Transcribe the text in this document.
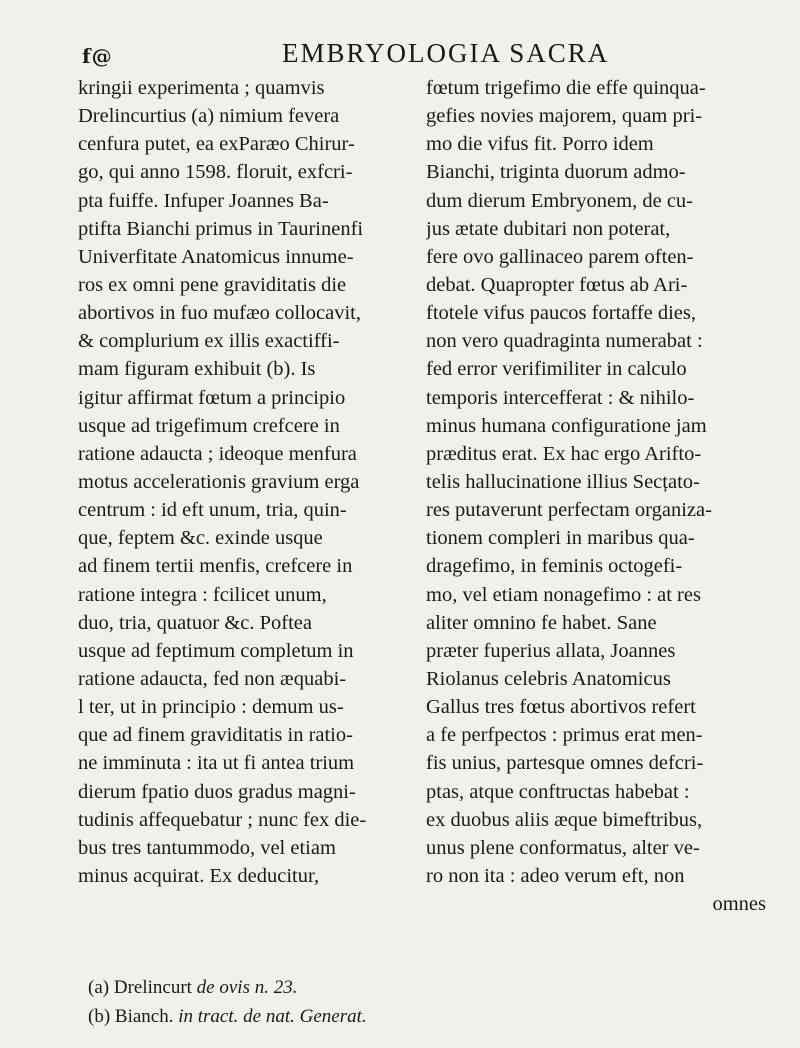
f@	EMBRYOLOGIA SACRA
kringii experimenta ; quamvis
Drelincurtius (a) nimium fevera
cenfura putet, ea exParæo Chirur-
go, qui anno 1598. floruit, exfcri-
pta fuiffe. Infuper Joannes Ba-
ptifta Bianchi primus in Taurinenfi
Univerfitate Anatomicus innume-
ros ex omni pene graviditatis die
abortivos in fuo mufæo collocavit,
& complurium ex illis exactiffi-
mam figuram exhibuit (b). Is
igitur affirmat fœtum a principio
usque ad trigefimum crefcere in
ratione adaucta ; ideoque menfura
motus accelerationis gravium erga
centrum : id eft unum, tria, quin-
que, feptem &c. exinde usque
ad finem tertii menfis, crefcere in
ratione integra : fcilicet unum,
duo, tria, quatuor &c. Poftea
usque ad feptimum completum in
ratione adaucta, fed non æquabi-
l ter, ut in principio : demum us-
que ad finem graviditatis in ratio-
ne imminuta : ita ut fi antea trium
dierum fpatio duos gradus magni-
tudinis affequebatur ; nunc fex die-
bus tres tantummodo, vel etiam
minus acquirat. Ex deducitur,
fœtum trigefimo die effe quinqua-
gefies novies majorem, quam pri-
mo die vifus fit. Porro idem
Bianchi, triginta duorum admo-
dum dierum Embryonem, de cu-
jus ætate dubitari non poterat,
fere ovo gallinaceo parem often-
debat. Quapropter fœtus ab Ari-
ftotele vifus paucos fortaffe dies,
non vero quadraginta numerabat :
fed error verifimiliter in calculo
temporis intercefferat : & nihilo-
minus humana configuratione jam
præditus erat. Ex hac ergo Arifto-
telis hallucinatione illius Secțato-
res putaverunt perfectam organiza-
tionem compleri in maribus qua-
dragefimo, in feminis octogefi-
mo, vel etiam nonagefimo : at res
aliter omnino fe habet. Sane
præter fuperius allata, Joannes
Riolanus celebris Anatomicus
Gallus tres fœtus abortivos refert
a fe perfpectos : primus erat men-
fis unius, partesque omnes defcri-
ptas, atque conftructas habebat :
ex duobus aliis æque bimeftribus,
unus plene conformatus, alter ve-
ro non ita : adeo verum eft, non
omnes
(a) Drelincurt de ovis n. 23.
(b) Bianch. in tract. de nat. Generat.
